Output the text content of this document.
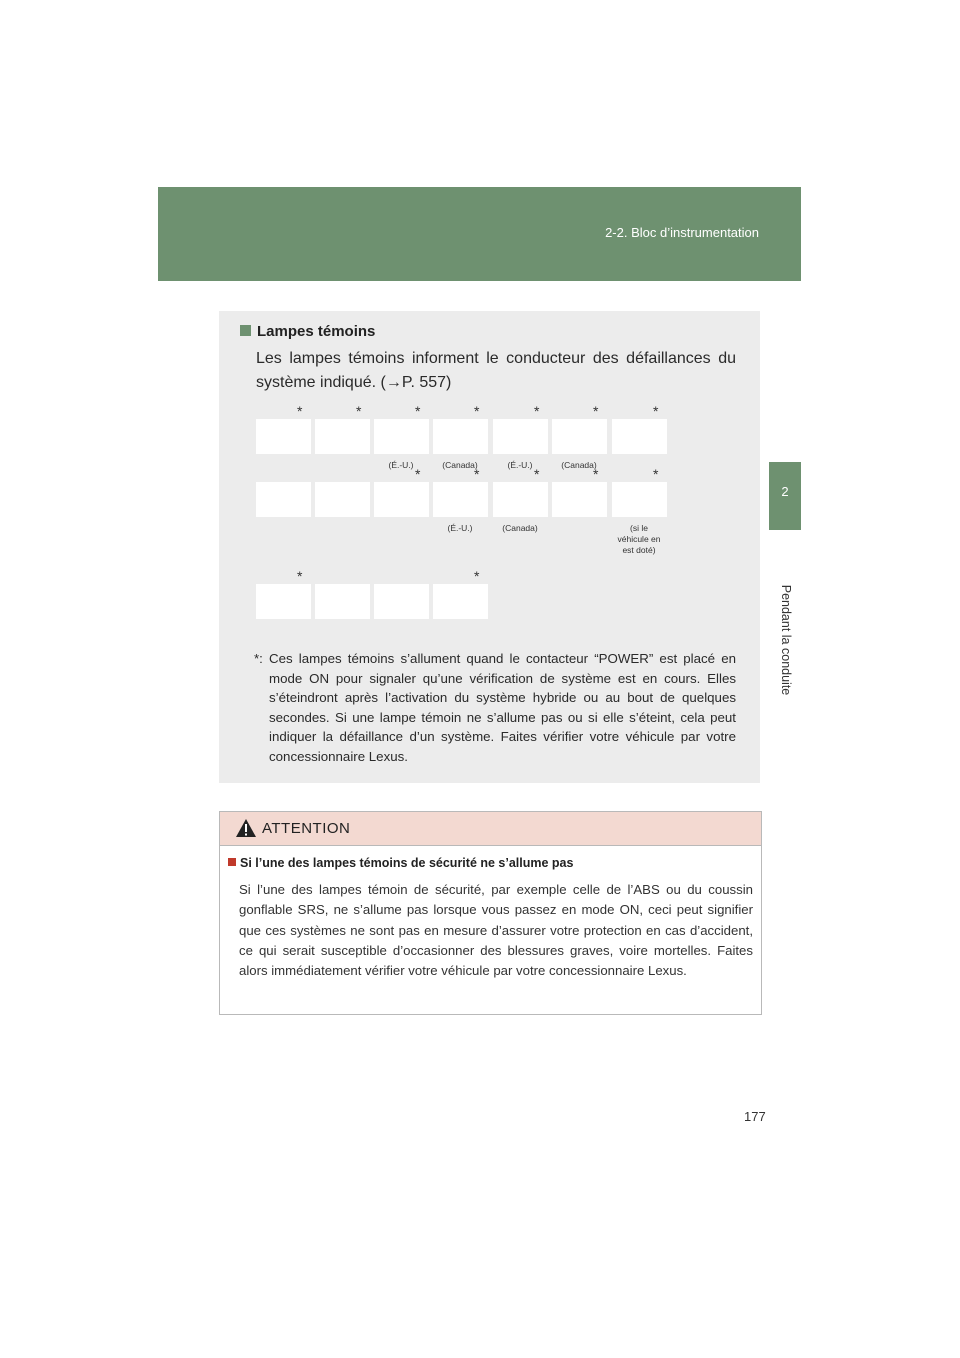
2-2. Bloc d’instrumentation
2
Pendant la conduite
Lampes témoins
Les lampes témoins informent le conducteur des défaillances du système indiqué. (→P. 557)
*	*	*
(É.-U.)
*
(Canada)
*
(É.-U.)
*
(Canada)
*
*	*
(É.-U.)
*
(Canada)
*	*
(si le véhicule en est doté)
*	*
*: Ces lampes témoins s’allument quand le contacteur “POWER” est placé en mode ON pour signaler qu’une vérification de système est en cours. Elles s’éteindront après l’activation du système hybride ou au bout de quelques secondes. Si une lampe témoin ne s’allume pas ou si elle s’éteint, cela peut indiquer la défaillance d’un système. Faites vérifier votre véhicule par votre concessionnaire Lexus.
ATTENTION
Si l’une des lampes témoins de sécurité ne s’allume pas
Si l’une des lampes témoin de sécurité, par exemple celle de l’ABS ou du coussin gonflable SRS, ne s’allume pas lorsque vous passez en mode ON, ceci peut signifier que ces systèmes ne sont pas en mesure d’assurer votre protection en cas d’accident, ce qui serait susceptible d’occasionner des blessures graves, voire mortelles. Faites alors immédiatement vérifier votre véhicule par votre concessionnaire Lexus.
177
